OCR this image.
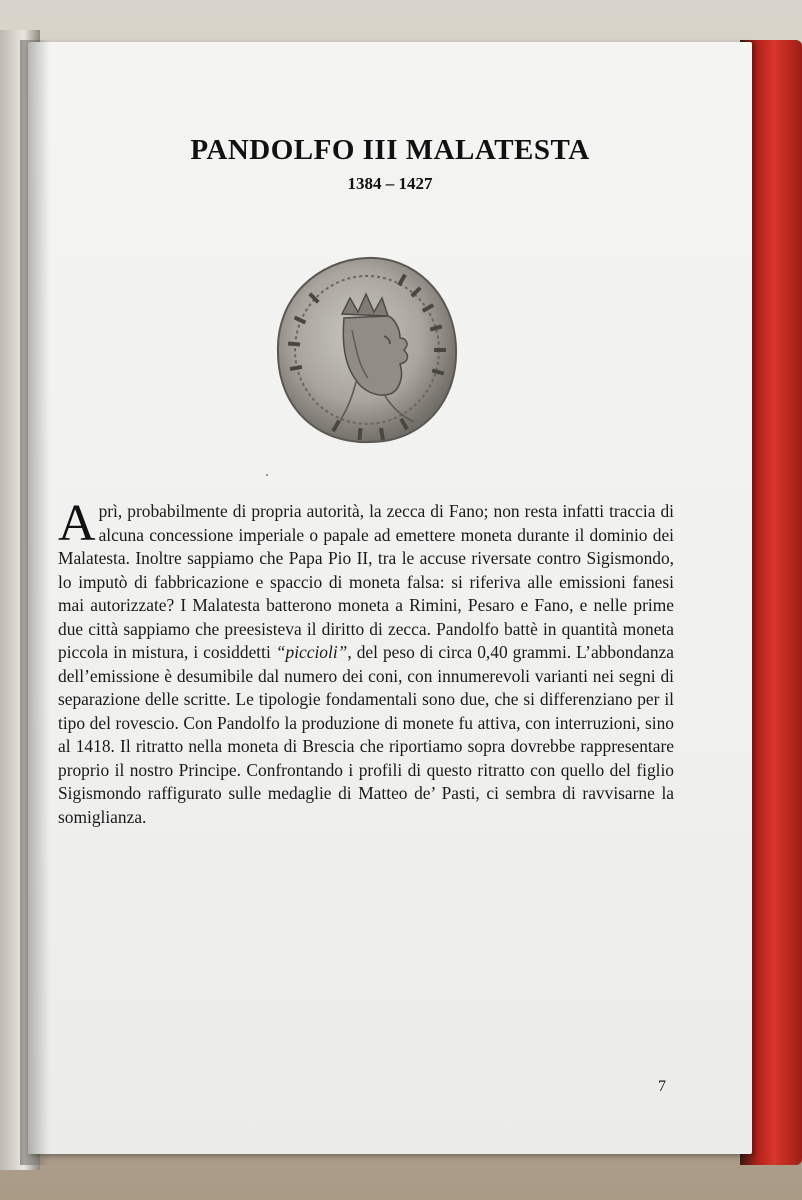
PANDOLFO III MALATESTA

1384 – 1427

Aprì, probabilmente di propria autorità, la zecca di Fano; non resta infatti traccia di alcuna concessione imperiale o papale ad emettere moneta durante il dominio dei Malatesta. Inoltre sappiamo che Papa Pio II, tra le accuse riversate contro Sigismondo, lo imputò di fabbricazione e spaccio di moneta falsa: si riferiva alle emissioni fanesi mai autorizzate? I Malatesta batterono moneta a Rimini, Pesaro e Fano, e nelle prime due città sappiamo che preesisteva il diritto di zecca. Pandolfo battè in quantità moneta piccola in mistura, i cosiddetti “piccioli”, del peso di circa 0,40 grammi. L’abbondanza dell’emissione è desumibile dal numero dei coni, con innumerevoli varianti nei segni di separazione delle scritte. Le tipologie fondamentali sono due, che si differenziano per il tipo del rovescio. Con Pandolfo la produzione di monete fu attiva, con interruzioni, sino al 1418. Il ritratto nella moneta di Brescia che riportiamo sopra dovrebbe rappresentare proprio il nostro Principe. Confrontando i profili di questo ritratto con quello del figlio Sigismondo raffigurato sulle medaglie di Matteo de’ Pasti, ci sembra di ravvisarne la somiglianza.

7
